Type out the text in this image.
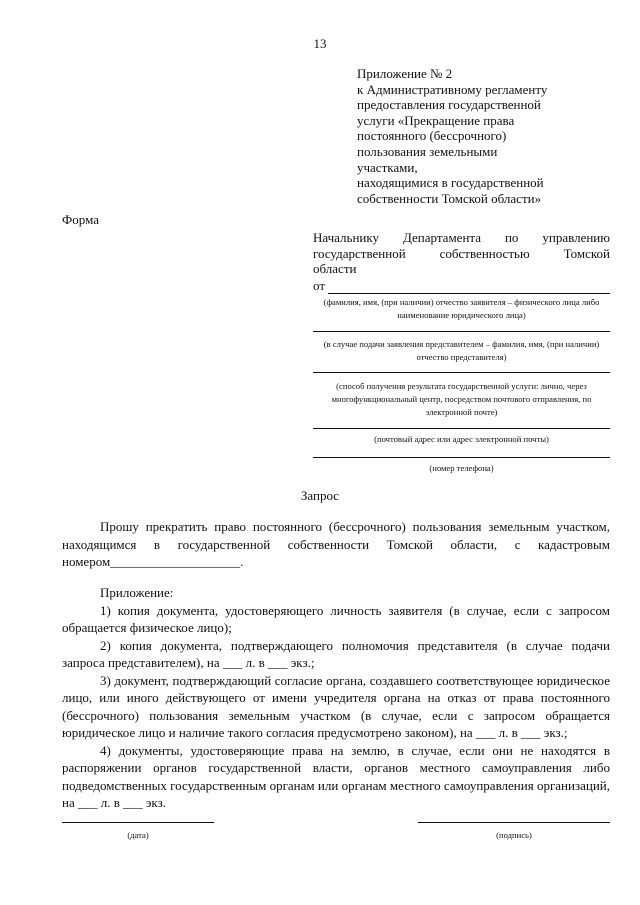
13
Приложение № 2
к Административному регламенту
предоставления государственной
услуги «Прекращение права
постоянного (бессрочного)
пользования земельными
участками,
находящимися в государственной
собственности Томской области»
Форма
Начальнику Департамента по управлению
государственной	собственностью	Томской
области
от
(фамилия, имя, (при наличии) отчество заявителя – физического лица либо наименование юридического лица)
(в случае подачи заявления представителем – фамилия, имя, (при наличии) отчество представителя)
(способ получения результата государственной услуги: лично, через многофункциональный центр, посредством почтового отправления, по электронной почте)
(почтовый адрес или адрес электронной почты)
(номер телефона)
Запрос

Прошу прекратить право постоянного (бессрочного) пользования земельным участком, находящимся в государственной собственности Томской области, с кадастровым номером____________________.

Приложение:

1) копия документа, удостоверяющего личность заявителя (в случае, если с запросом обращается физическое лицо);

2) копия документа, подтверждающего полномочия представителя (в случае подачи запроса представителем), на ___ л. в ___ экз.;

3) документ, подтверждающий согласие органа, создавшего соответствующее юридическое лицо, или иного действующего от имени учредителя органа на отказ от права постоянного (бессрочного) пользования земельным участком (в случае, если с запросом обращается юридическое лицо и наличие такого согласия предусмотрено законом), на ___ л. в ___ экз.;

4) документы, удостоверяющие права на землю, в случае, если они не находятся в распоряжении органов государственной власти, органов местного самоуправления либо подведомственных государственным органам или органам местного самоуправления организаций, на ___ л. в ___ экз.

(дата)	(подпись)
